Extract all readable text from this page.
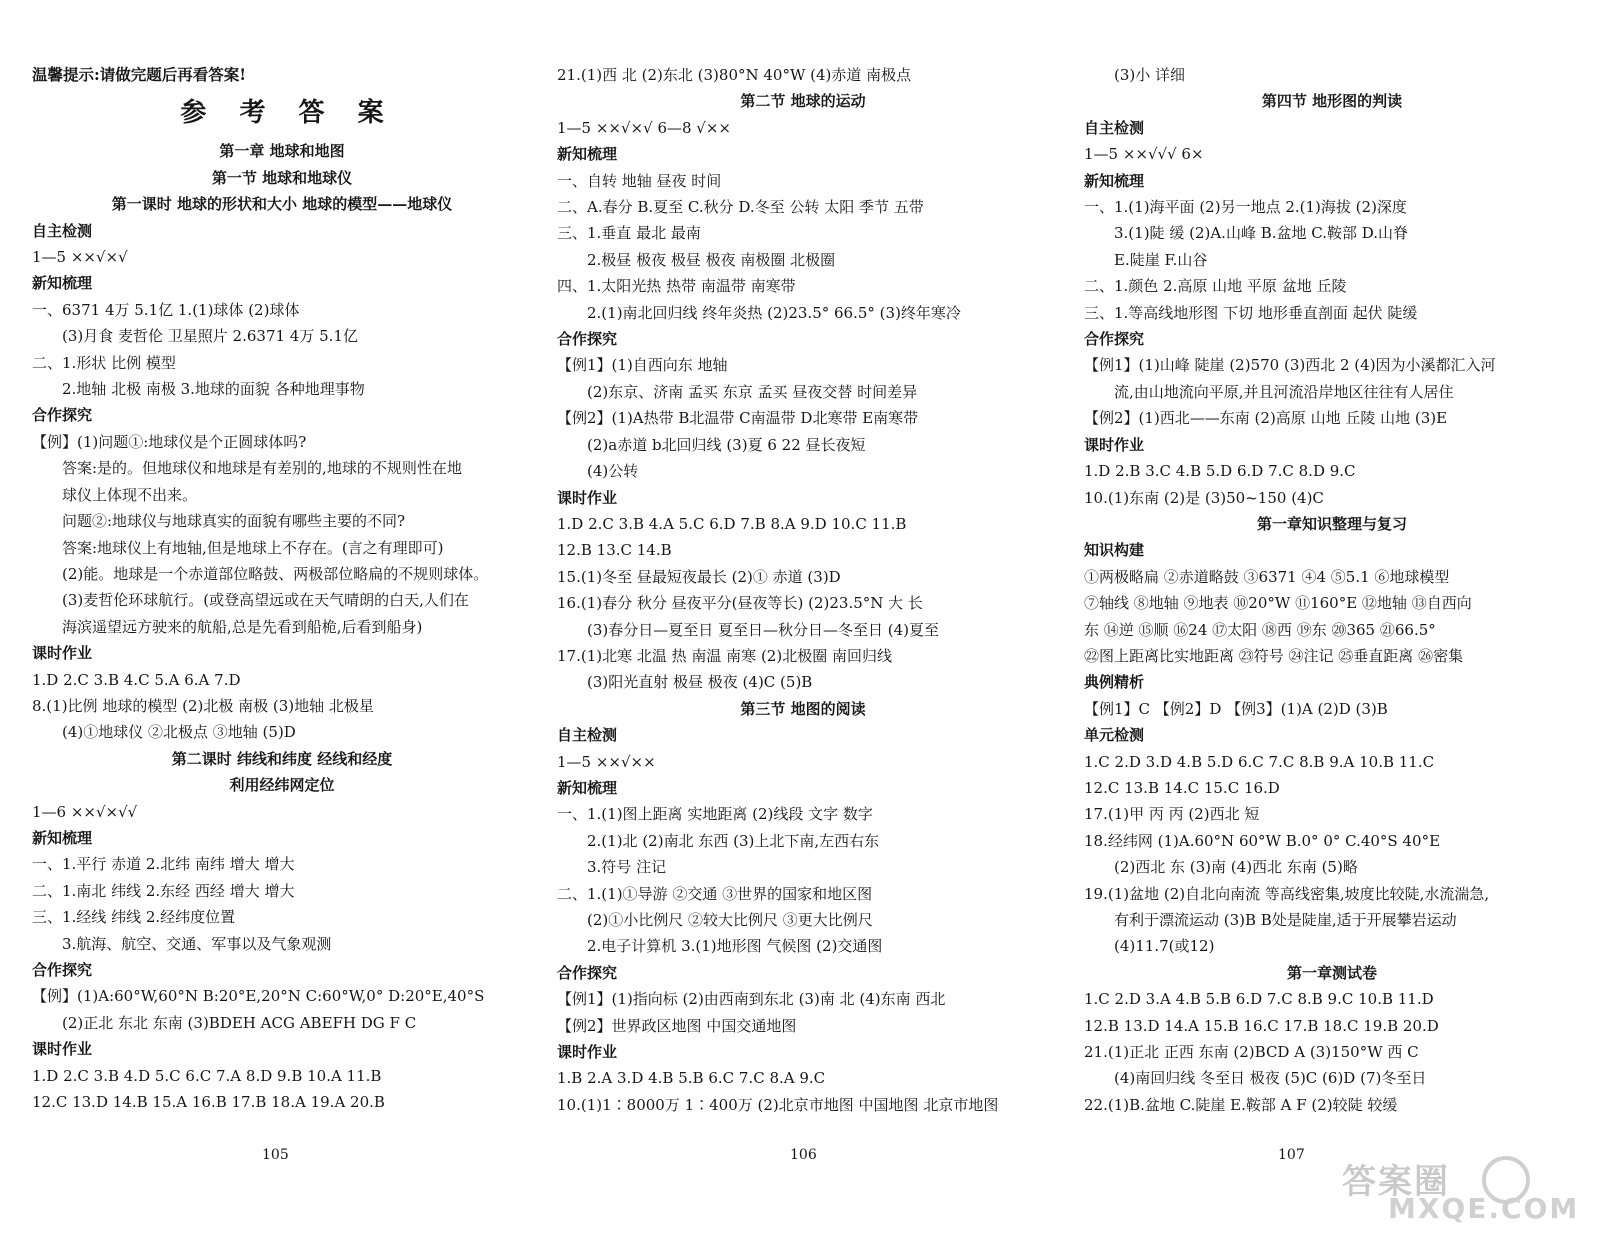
温馨提示:请做完题后再看答案!
参 考 答 案
第一章 地球和地图
第一节 地球和地球仪
第一课时 地球的形状和大小 地球的模型——地球仪
自主检测
1—5 ××√×√
新知梳理
一、6371 4万 5.1亿 1.(1)球体 (2)球体
(3)月食 麦哲伦 卫星照片 2.6371 4万 5.1亿
二、1.形状 比例 模型
2.地轴 北极 南极 3.地球的面貌 各种地理事物
合作探究
【例】(1)问题①:地球仪是个正圆球体吗?
答案:是的。但地球仪和地球是有差别的,地球的不规则性在地
球仪上体现不出来。
问题②:地球仪与地球真实的面貌有哪些主要的不同?
答案:地球仪上有地轴,但是地球上不存在。(言之有理即可)
(2)能。地球是一个赤道部位略鼓、两极部位略扁的不规则球体。
(3)麦哲伦环球航行。(或登高望远或在天气晴朗的白天,人们在
海滨遥望远方驶来的航船,总是先看到船桅,后看到船身)
课时作业
1.D 2.C 3.B 4.C 5.A 6.A 7.D
8.(1)比例 地球的模型 (2)北极 南极 (3)地轴 北极星
(4)①地球仪 ②北极点 ③地轴 (5)D
第二课时 纬线和纬度 经线和经度
利用经纬网定位
1—6 ××√×√√
新知梳理
一、1.平行 赤道 2.北纬 南纬 增大 增大
二、1.南北 纬线 2.东经 西经 增大 增大
三、1.经线 纬线 2.经纬度位置
3.航海、航空、交通、军事以及气象观测
合作探究
【例】(1)A:60°W,60°N B:20°E,20°N C:60°W,0° D:20°E,40°S
(2)正北 东北 东南 (3)BDEH ACG ABEFH DG F C
课时作业
1.D 2.C 3.B 4.D 5.C 6.C 7.A 8.D 9.B 10.A 11.B
12.C 13.D 14.B 15.A 16.B 17.B 18.A 19.A 20.B
21.(1)西 北 (2)东北 (3)80°N 40°W (4)赤道 南极点
第二节 地球的运动
1—5 ××√×√ 6—8 √××
新知梳理
一、自转 地轴 昼夜 时间
二、A.春分 B.夏至 C.秋分 D.冬至 公转 太阳 季节 五带
三、1.垂直 最北 最南
2.极昼 极夜 极昼 极夜 南极圈 北极圈
四、1.太阳光热 热带 南温带 南寒带
2.(1)南北回归线 终年炎热 (2)23.5° 66.5° (3)终年寒冷
合作探究
【例1】(1)自西向东 地轴
(2)东京、济南 孟买 东京 孟买 昼夜交替 时间差异
【例2】(1)A热带 B北温带 C南温带 D北寒带 E南寒带
(2)a赤道 b北回归线 (3)夏 6 22 昼长夜短
(4)公转
课时作业
1.D 2.C 3.B 4.A 5.C 6.D 7.B 8.A 9.D 10.C 11.B
12.B 13.C 14.B
15.(1)冬至 昼最短夜最长 (2)① 赤道 (3)D
16.(1)春分 秋分 昼夜平分(昼夜等长) (2)23.5°N 大 长
(3)春分日—夏至日 夏至日—秋分日—冬至日 (4)夏至
17.(1)北寒 北温 热 南温 南寒 (2)北极圈 南回归线
(3)阳光直射 极昼 极夜 (4)C (5)B
第三节 地图的阅读
自主检测
1—5 ××√××
新知梳理
一、1.(1)图上距离 实地距离 (2)线段 文字 数字
2.(1)北 (2)南北 东西 (3)上北下南,左西右东
3.符号 注记
二、1.(1)①导游 ②交通 ③世界的国家和地区图
(2)①小比例尺 ②较大比例尺 ③更大比例尺
2.电子计算机 3.(1)地形图 气候图 (2)交通图
合作探究
【例1】(1)指向标 (2)由西南到东北 (3)南 北 (4)东南 西北
【例2】世界政区地图 中国交通地图
课时作业
1.B 2.A 3.D 4.B 5.B 6.C 7.C 8.A 9.C
10.(1)1∶8000万 1∶400万 (2)北京市地图 中国地图 北京市地图
(3)小 详细
第四节 地形图的判读
自主检测
1—5 ××√√√ 6×
新知梳理
一、1.(1)海平面 (2)另一地点 2.(1)海拔 (2)深度
3.(1)陡 缓 (2)A.山峰 B.盆地 C.鞍部 D.山脊
E.陡崖 F.山谷
二、1.颜色 2.高原 山地 平原 盆地 丘陵
三、1.等高线地形图 下切 地形垂直剖面 起伏 陡缓
合作探究
【例1】(1)山峰 陡崖 (2)570 (3)西北 2 (4)因为小溪都汇入河
流,由山地流向平原,并且河流沿岸地区往往有人居住
【例2】(1)西北——东南 (2)高原 山地 丘陵 山地 (3)E
课时作业
1.D 2.B 3.C 4.B 5.D 6.D 7.C 8.D 9.C
10.(1)东南 (2)是 (3)50~150 (4)C
第一章知识整理与复习
知识构建
①两极略扁 ②赤道略鼓 ③6371 ④4 ⑤5.1 ⑥地球模型
⑦轴线 ⑧地轴 ⑨地表 ⑩20°W ⑪160°E ⑫地轴 ⑬自西向
东 ⑭逆 ⑮顺 ⑯24 ⑰太阳 ⑱西 ⑲东 ⑳365 ㉑66.5°
㉒图上距离比实地距离 ㉓符号 ㉔注记 ㉕垂直距离 ㉖密集
典例精析
【例1】C 【例2】D 【例3】(1)A (2)D (3)B
单元检测
1.C 2.D 3.D 4.B 5.D 6.C 7.C 8.B 9.A 10.B 11.C
12.C 13.B 14.C 15.C 16.D
17.(1)甲 丙 丙 (2)西北 短
18.经纬网 (1)A.60°N 60°W B.0° 0° C.40°S 40°E
(2)西北 东 (3)南 (4)西北 东南 (5)略
19.(1)盆地 (2)自北向南流 等高线密集,坡度比较陡,水流湍急,
有利于漂流运动 (3)B B处是陡崖,适于开展攀岩运动
(4)11.7(或12)
第一章测试卷
1.C 2.D 3.A 4.B 5.B 6.D 7.C 8.B 9.C 10.B 11.D
12.B 13.D 14.A 15.B 16.C 17.B 18.C 19.B 20.D
21.(1)正北 正西 东南 (2)BCD A (3)150°W 西 C
(4)南回归线 冬至日 极夜 (5)C (6)D (7)冬至日
22.(1)B.盆地 C.陡崖 E.鞍部 A F (2)较陡 较缓
105	106	107
答案圈
MXQE.COM
